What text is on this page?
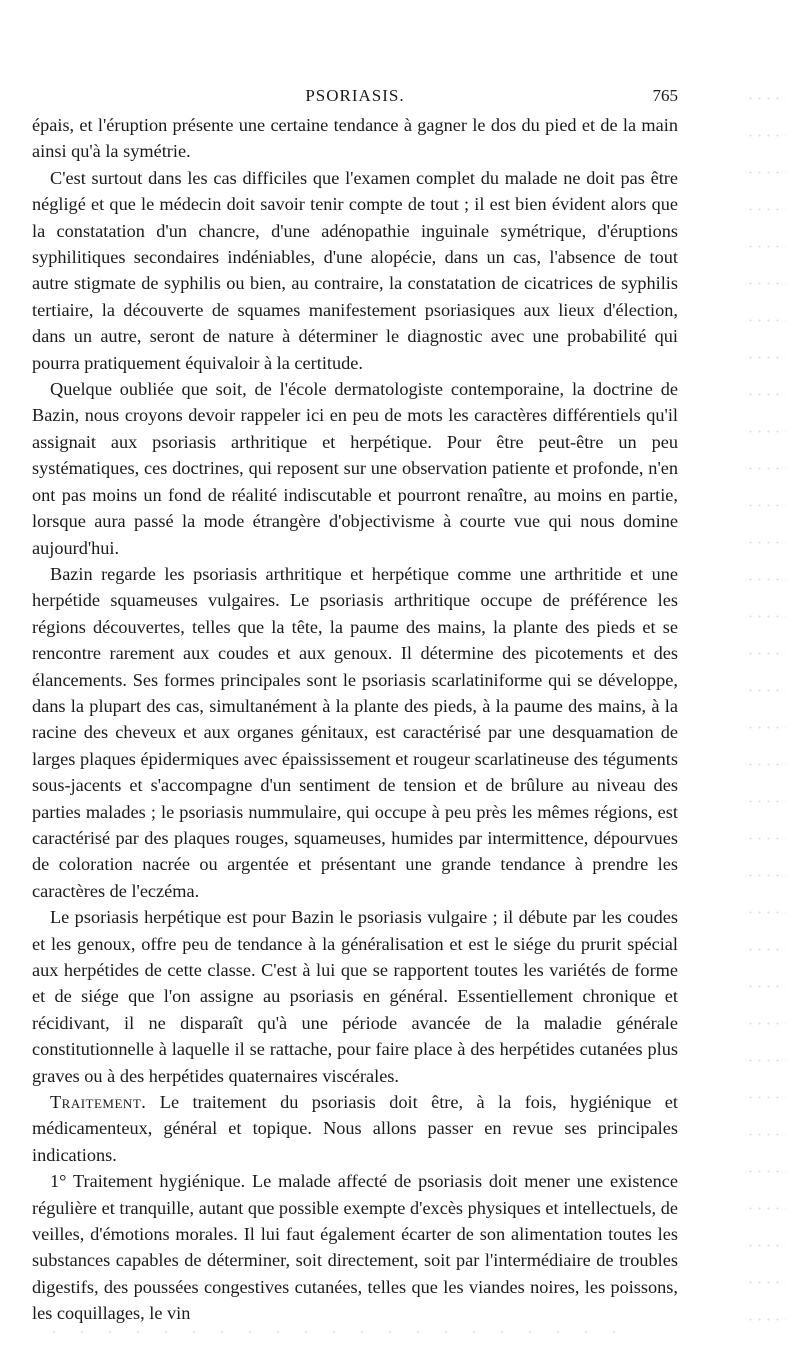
PSORIASIS.	765

épais, et l'éruption présente une certaine tendance à gagner le dos du pied et de la main ainsi qu'à la symétrie.

C'est surtout dans les cas difficiles que l'examen complet du malade ne doit pas être négligé et que le médecin doit savoir tenir compte de tout ; il est bien évident alors que la constatation d'un chancre, d'une adénopathie inguinale symétrique, d'éruptions syphilitiques secondaires indéniables, d'une alopécie, dans un cas, l'absence de tout autre stigmate de syphilis ou bien, au contraire, la constatation de cicatrices de syphilis tertiaire, la découverte de squames manifestement psoriasiques aux lieux d'élection, dans un autre, seront de nature à déterminer le diagnostic avec une probabilité qui pourra pratiquement équivaloir à la certitude.

Quelque oubliée que soit, de l'école dermatologiste contemporaine, la doctrine de Bazin, nous croyons devoir rappeler ici en peu de mots les caractères différentiels qu'il assignait aux psoriasis arthritique et herpétique. Pour être peut-être un peu systématiques, ces doctrines, qui reposent sur une observation patiente et profonde, n'en ont pas moins un fond de réalité indiscutable et pourront renaître, au moins en partie, lorsque aura passé la mode étrangère d'objectivisme à courte vue qui nous domine aujourd'hui.

Bazin regarde les psoriasis arthritique et herpétique comme une arthritide et une herpétide squameuses vulgaires. Le psoriasis arthritique occupe de préférence les régions découvertes, telles que la tête, la paume des mains, la plante des pieds et se rencontre rarement aux coudes et aux genoux. Il détermine des picotements et des élancements. Ses formes principales sont le psoriasis scarlatiniforme qui se développe, dans la plupart des cas, simultanément à la plante des pieds, à la paume des mains, à la racine des cheveux et aux organes génitaux, est caractérisé par une desquamation de larges plaques épidermiques avec épaississement et rougeur scarlatineuse des téguments sous-jacents et s'accompagne d'un sentiment de tension et de brûlure au niveau des parties malades ; le psoriasis nummulaire, qui occupe à peu près les mêmes régions, est caractérisé par des plaques rouges, squameuses, humides par intermittence, dépourvues de coloration nacrée ou argentée et présentant une grande tendance à prendre les caractères de l'eczéma.

Le psoriasis herpétique est pour Bazin le psoriasis vulgaire ; il débute par les coudes et les genoux, offre peu de tendance à la généralisation et est le siége du prurit spécial aux herpétides de cette classe. C'est à lui que se rapportent toutes les variétés de forme et de siége que l'on assigne au psoriasis en général. Essentiellement chronique et récidivant, il ne disparaît qu'à une période avancée de la maladie générale constitutionnelle à laquelle il se rattache, pour faire place à des herpétides cutanées plus graves ou à des herpétides quaternaires viscérales.

Traitement. Le traitement du psoriasis doit être, à la fois, hygiénique et médicamenteux, général et topique. Nous allons passer en revue ses principales indications.

1° Traitement hygiénique. Le malade affecté de psoriasis doit mener une existence régulière et tranquille, autant que possible exempte d'excès physiques et intellectuels, de veilles, d'émotions morales. Il lui faut également écarter de son alimentation toutes les substances capables de déterminer, soit directement, soit par l'intermédiaire de troubles digestifs, des poussées congestives cutanées, telles que les viandes noires, les poissons, les coquillages, le vin
